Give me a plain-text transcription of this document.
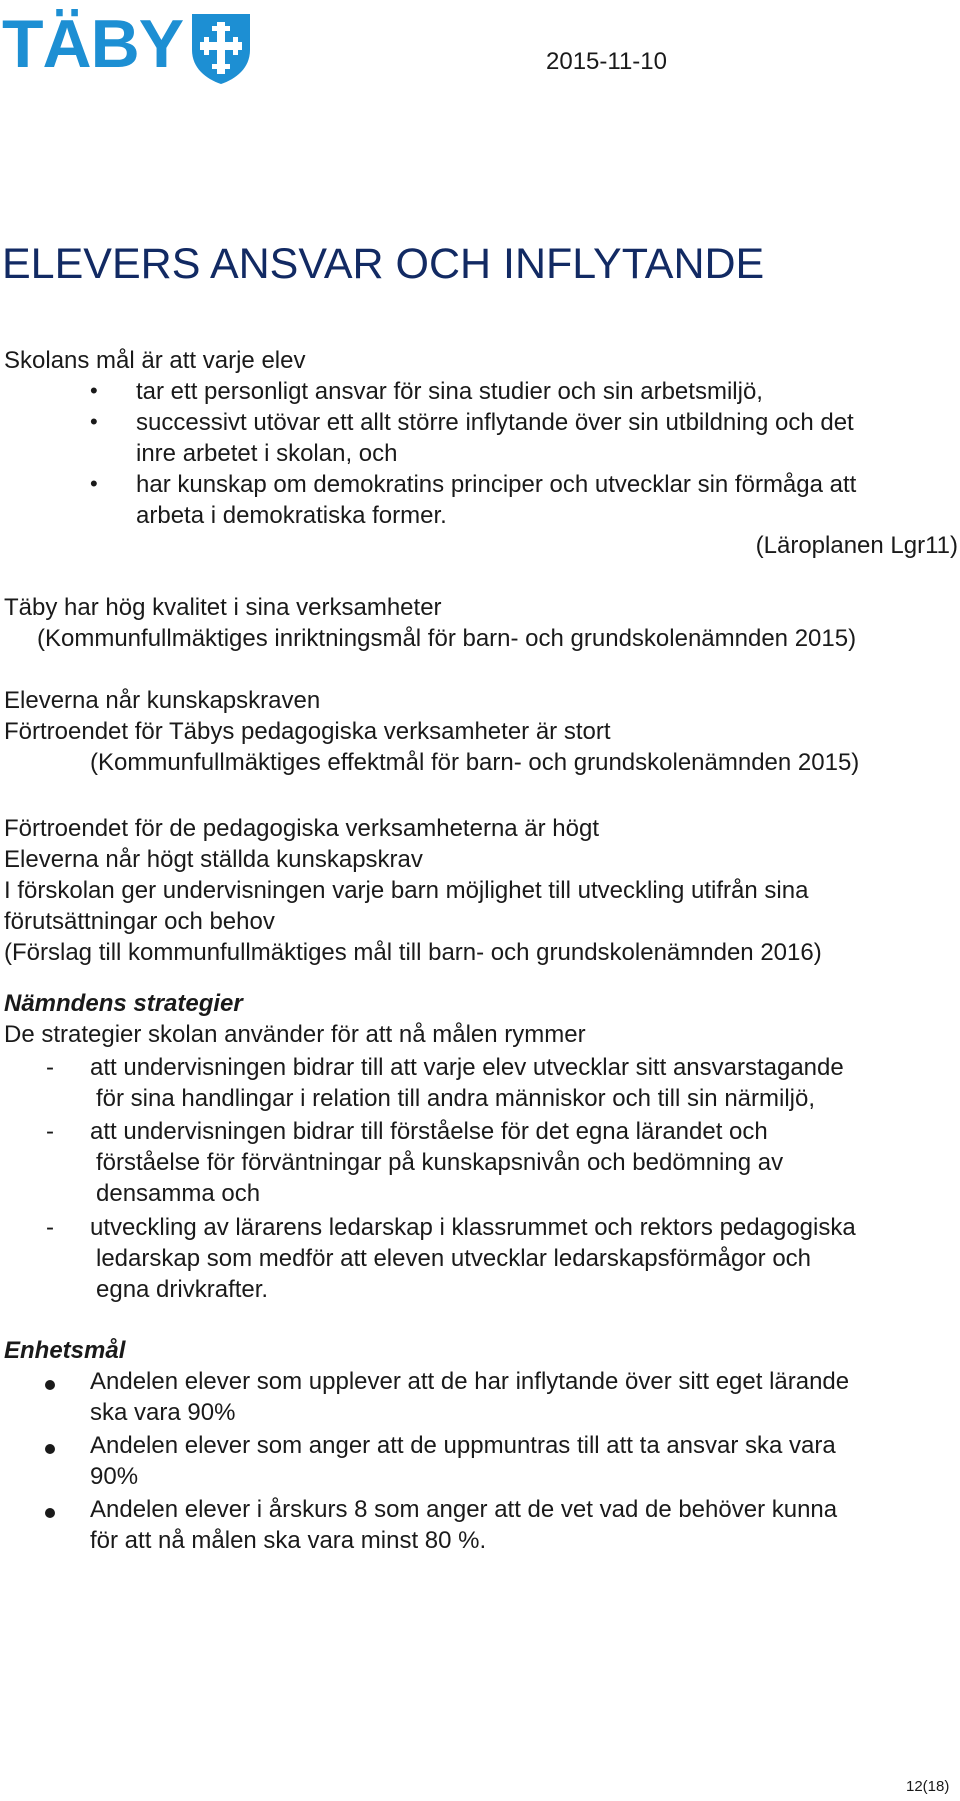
TÄBY	2015-11-10
ELEVERS ANSVAR OCH INFLYTANDE
Skolans mål är att varje elev
• tar ett personligt ansvar för sina studier och sin arbetsmiljö,
• successivt utövar ett allt större inflytande över sin utbildning och det
inre arbetet i skolan, och
• har kunskap om demokratins principer och utvecklar sin förmåga att
arbeta i demokratiska former.
(Läroplanen Lgr11)
Täby har hög kvalitet i sina verksamheter
(Kommunfullmäktiges inriktningsmål för barn- och grundskolenämnden 2015)
Eleverna når kunskapskraven
Förtroendet för Täbys pedagogiska verksamheter är stort
(Kommunfullmäktiges effektmål för barn- och grundskolenämnden 2015)
Förtroendet för de pedagogiska verksamheterna är högt
Eleverna når högt ställda kunskapskrav
I förskolan ger undervisningen varje barn möjlighet till utveckling utifrån sina
förutsättningar och behov
(Förslag till kommunfullmäktiges mål till barn- och grundskolenämnden 2016)
Nämndens strategier
De strategier skolan använder för att nå målen rymmer
- att undervisningen bidrar till att varje elev utvecklar sitt ansvarstagande
för sina handlingar i relation till andra människor och till sin närmiljö,
- att undervisningen bidrar till förståelse för det egna lärandet och
förståelse för förväntningar på kunskapsnivån och bedömning av
densamma och
- utveckling av lärarens ledarskap i klassrummet och rektors pedagogiska
ledarskap som medför att eleven utvecklar ledarskapsförmågor och
egna drivkrafter.
Enhetsmål
Andelen elever som upplever att de har inflytande över sitt eget lärande
ska vara 90%
Andelen elever som anger att de uppmuntras till att ta ansvar ska vara
90%
Andelen elever i årskurs 8 som anger att de vet vad de behöver kunna
för att nå målen ska vara minst 80 %.
12(18)
